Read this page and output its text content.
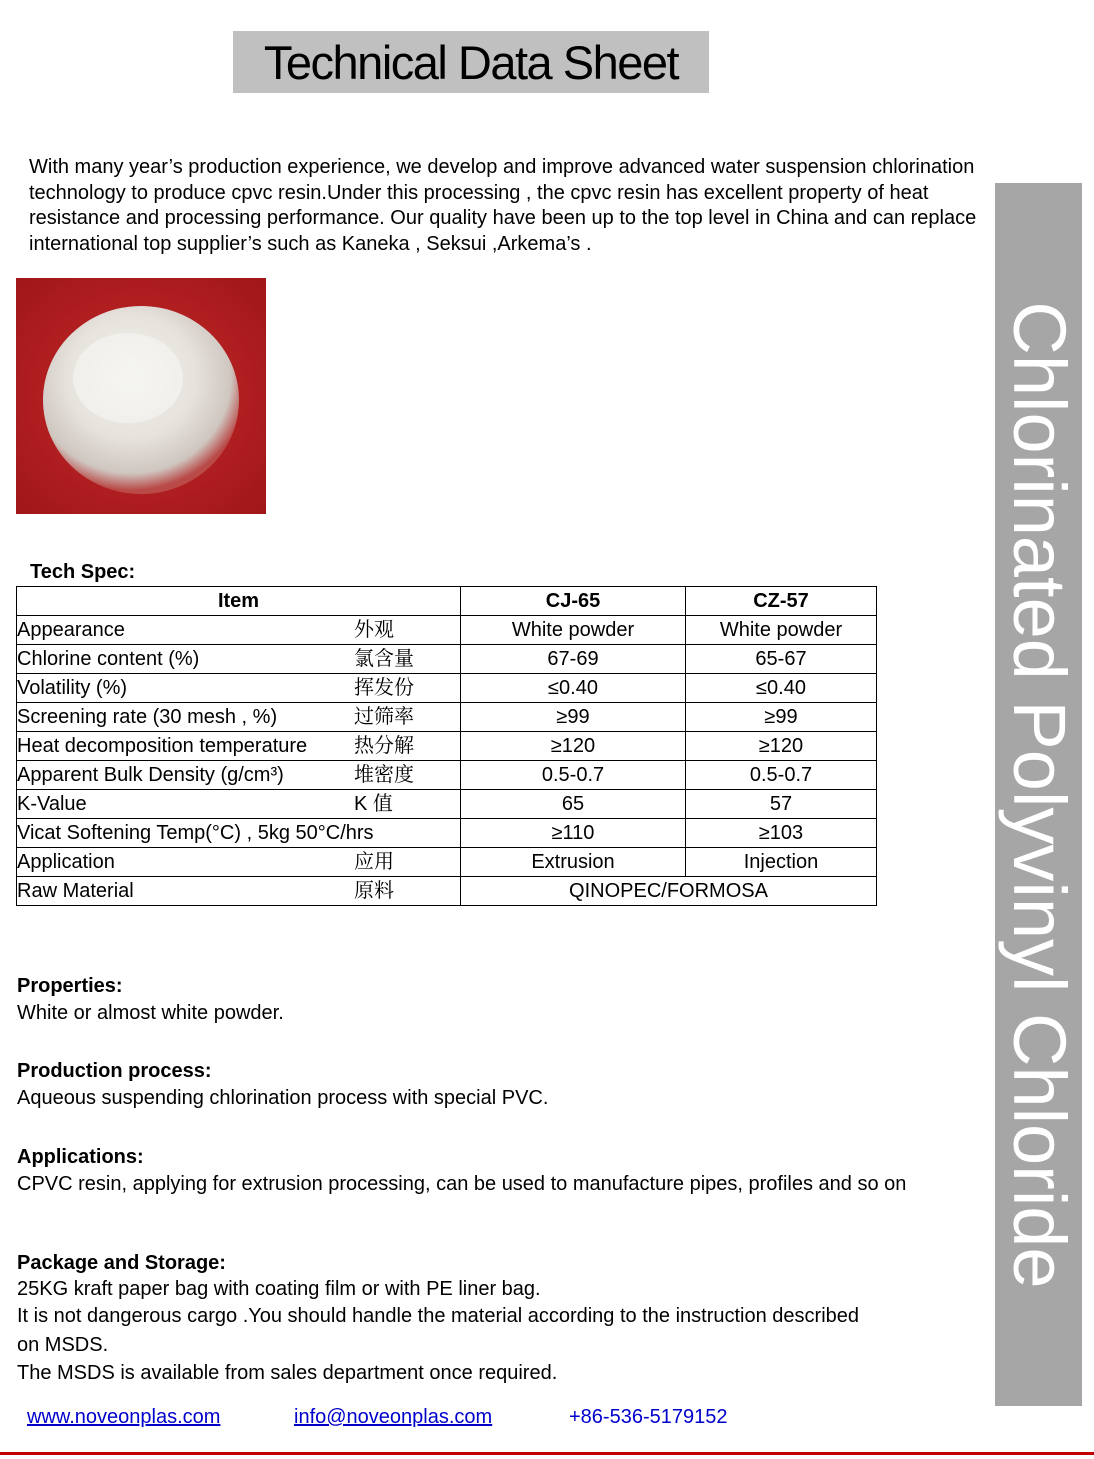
Technical Data Sheet
With many year’s production experience, we develop and improve advanced water suspension chlorination technology to produce cpvc resin.Under this processing , the cpvc resin has excellent property of heat resistance and processing performance. Our quality have been up to the top level in China and can replace international top supplier’s such as Kaneka , Seksui ,Arkema’s .
Chlorinated Polyvinyl Chloride
Tech Spec:
Item	CJ-65	CZ-57
Appearance 外观	White powder	White powder
Chlorine content (%) 氯含量	67-69	65-67
Volatility (%) 挥发份	≤0.40	≤0.40
Screening rate (30 mesh , %) 过筛率	≥99	≥99
Heat decomposition temperature 热分解	≥120	≥120
Apparent Bulk Density (g/cm³) 堆密度	0.5-0.7	0.5-0.7
K-Value K 值	65	57
Vicat Softening Temp(°C) , 5kg 50°C/hrs	≥110	≥103
Application 应用	Extrusion	Injection
Raw Material 原料	QINOPEC/FORMOSA	
Properties:
White or almost white powder.
Production process:
Aqueous suspending chlorination process with special PVC.
Applications:
CPVC resin, applying for extrusion processing, can be used to manufacture pipes, profiles and so on
Package and Storage:
25KG kraft paper bag with coating film or with PE liner bag.
It is not dangerous cargo .You should handle the material according to the instruction described on MSDS.
The MSDS is available from sales department once required.
www.noveonplas.com	info@noveonplas.com	+86-536-5179152
